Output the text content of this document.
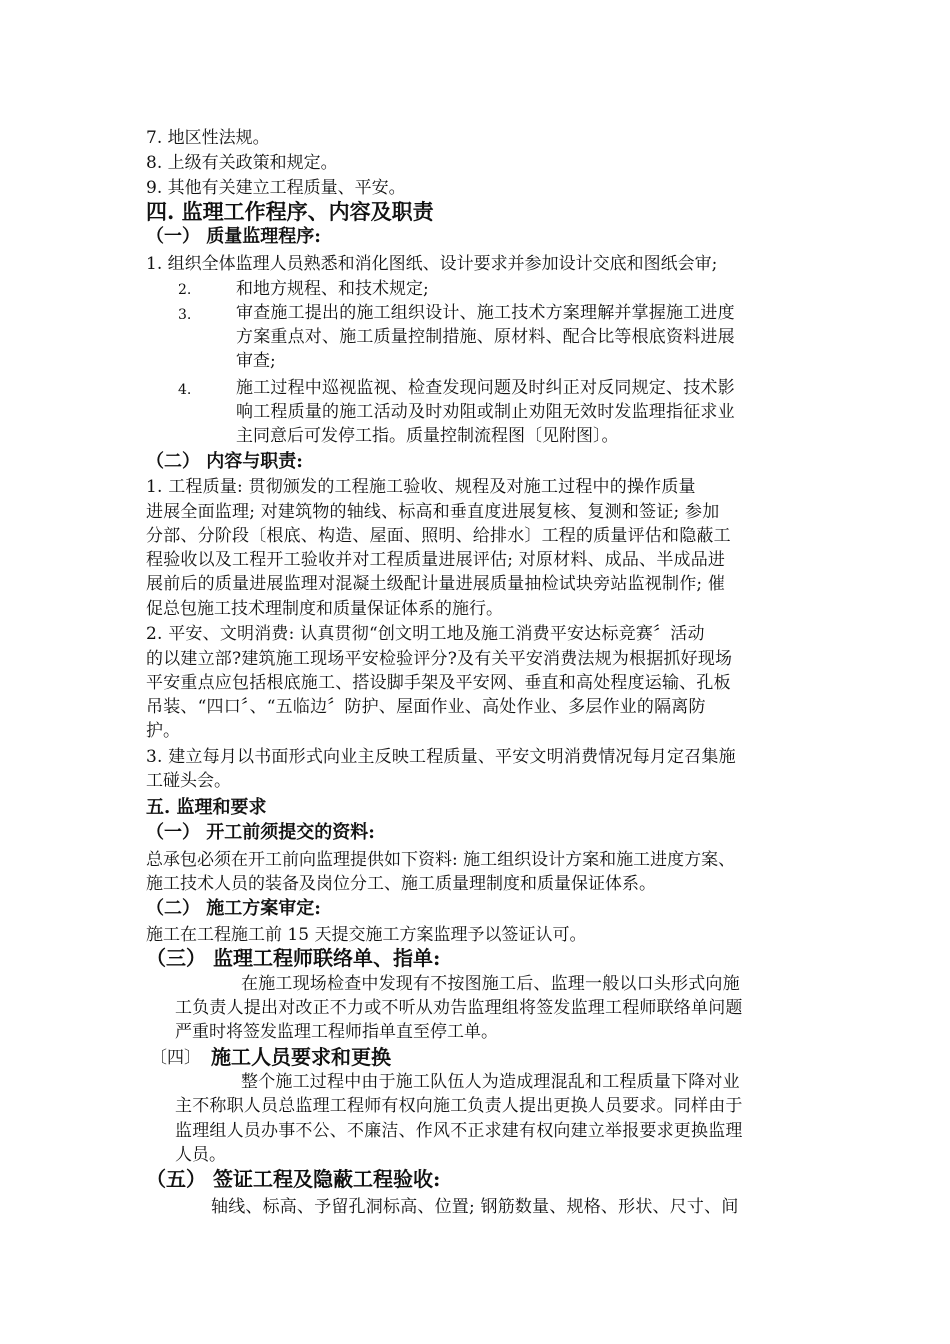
7. 地区性法规。
8. 上级有关政策和规定。
9. 其他有关建立工程质量、平安。
四. 监理工作程序、内容及职责
（一） 质量监理程序:
1. 组织全体监理人员熟悉和消化图纸、设计要求并参加设计交底和图纸会审;
2.	和地方规程、和技术规定;
3.	审查施工提出的施工组织设计、施工技术方案理解并掌握施工进度
方案重点对、施工质量控制措施、原材料、配合比等根底资料进展
审查;
4.	施工过程中巡视监视、检查发现问题及时纠正对反同规定、技术影
响工程质量的施工活动及时劝阻或制止劝阻无效时发监理指征求业
主同意后可发停工指。质量控制流程图〔见附图〕。
（二） 内容与职责:
1. 工程质量: 贯彻颁发的工程施工验收、规程及对施工过程中的操作质量
进展全面监理; 对建筑物的轴线、标高和垂直度进展复核、复测和签证; 参加
分部、分阶段〔根底、构造、屋面、照明、给排水〕工程的质量评估和隐蔽工
程验收以及工程开工验收并对工程质量进展评估; 对原材料、成品、半成品进
展前后的质量进展监理对混凝土级配计量进展质量抽检试块旁站监视制作; 催
促总包施工技术理制度和质量保证体系的施行。
2. 平安、文明消费: 认真贯彻“创文明工地及施工消费平安达标竞赛〞活动
的以建立部?建筑施工现场平安检验评分?及有关平安消费法规为根据抓好现场
平安重点应包括根底施工、搭设脚手架及平安网、垂直和高处程度运输、孔板
吊装、“四口〞、“五临边〞防护、屋面作业、高处作业、多层作业的隔离防
护。
3. 建立每月以书面形式向业主反映工程质量、平安文明消费情况每月定召集施
工碰头会。
五. 监理和要求
（一） 开工前须提交的资料:
总承包必须在开工前向监理提供如下资料: 施工组织设计方案和施工进度方案、
施工技术人员的装备及岗位分工、施工质量理制度和质量保证体系。
（二） 施工方案审定:
施工在工程施工前 15 天提交施工方案监理予以签证认可。
（三） 监理工程师联络单、指单:
在施工现场检查中发现有不按图施工后、监理一般以口头形式向施
工负责人提出对改正不力或不听从劝告监理组将签发监理工程师联络单问题
严重时将签发监理工程师指单直至停工单。
〔四〕 施工人员要求和更换
整个施工过程中由于施工队伍人为造成理混乱和工程质量下降对业
主不称职人员总监理工程师有权向施工负责人提出更换人员要求。同样由于
监理组人员办事不公、不廉洁、作风不正求建有权向建立举报要求更换监理
人员。
（五） 签证工程及隐蔽工程验收:
轴线、标高、予留孔洞标高、位置; 钢筋数量、规格、形状、尺寸、间
